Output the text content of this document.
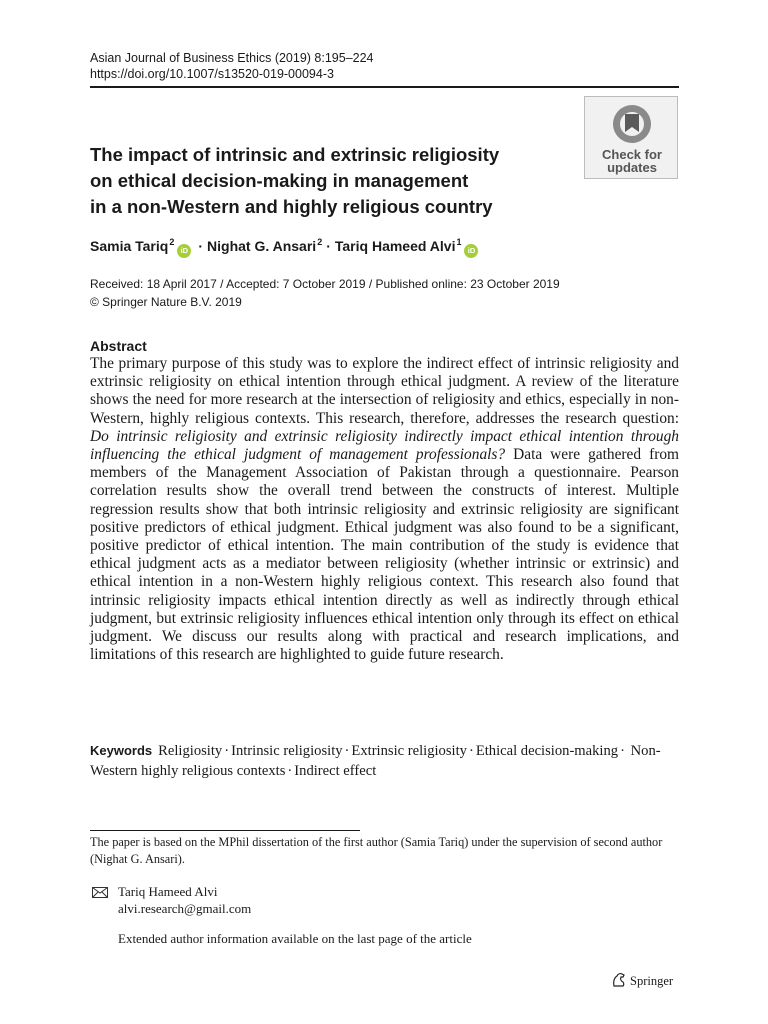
Asian Journal of Business Ethics (2019) 8:195–224
https://doi.org/10.1007/s13520-019-00094-3
Check for
updates
The impact of intrinsic and extrinsic religiosity
on ethical decision-making in management
in a non-Western and highly religious country
Samia Tariq$^2$iD · Nighat G. Ansari$^2$ · Tariq Hameed Alvi$^1$iD
Received: 18 April 2017 / Accepted: 7 October 2019 / Published online: 23 October 2019
© Springer Nature B.V. 2019
Abstract
The primary purpose of this study was to explore the indirect effect of intrinsic religiosity and extrinsic religiosity on ethical intention through ethical judgment. A review of the literature shows the need for more research at the intersection of religiosity and ethics, especially in non-Western, highly religious contexts. This research, therefore, addresses the research question: Do intrinsic religiosity and extrinsic religiosity indirectly impact ethical intention through influencing the ethical judgment of management professionals? Data were gathered from members of the Management Association of Pakistan through a questionnaire. Pearson correlation results show the overall trend between the constructs of interest. Multiple regression results show that both intrinsic religiosity and extrinsic religiosity are significant positive predictors of ethical judgment. Ethical judgment was also found to be a significant, positive predictor of ethical intention. The main contribution of the study is evidence that ethical judgment acts as a mediator between religiosity (whether intrinsic or extrinsic) and ethical intention in a non-Western highly religious context. This research also found that intrinsic religiosity impacts ethical intention directly as well as indirectly through ethical judgment, but extrinsic religiosity influences ethical intention only through its effect on ethical judgment. We discuss our results along with practical and research implications, and limitations of this research are highlighted to guide future research.
Keywords Religiosity · Intrinsic religiosity · Extrinsic religiosity · Ethical decision-making · Non-Western highly religious contexts · Indirect effect
The paper is based on the MPhil dissertation of the first author (Samia Tariq) under the supervision of second author (Nighat G. Ansari).
Tariq Hameed Alvi
alvi.research@gmail.com
Extended author information available on the last page of the article
Springer
